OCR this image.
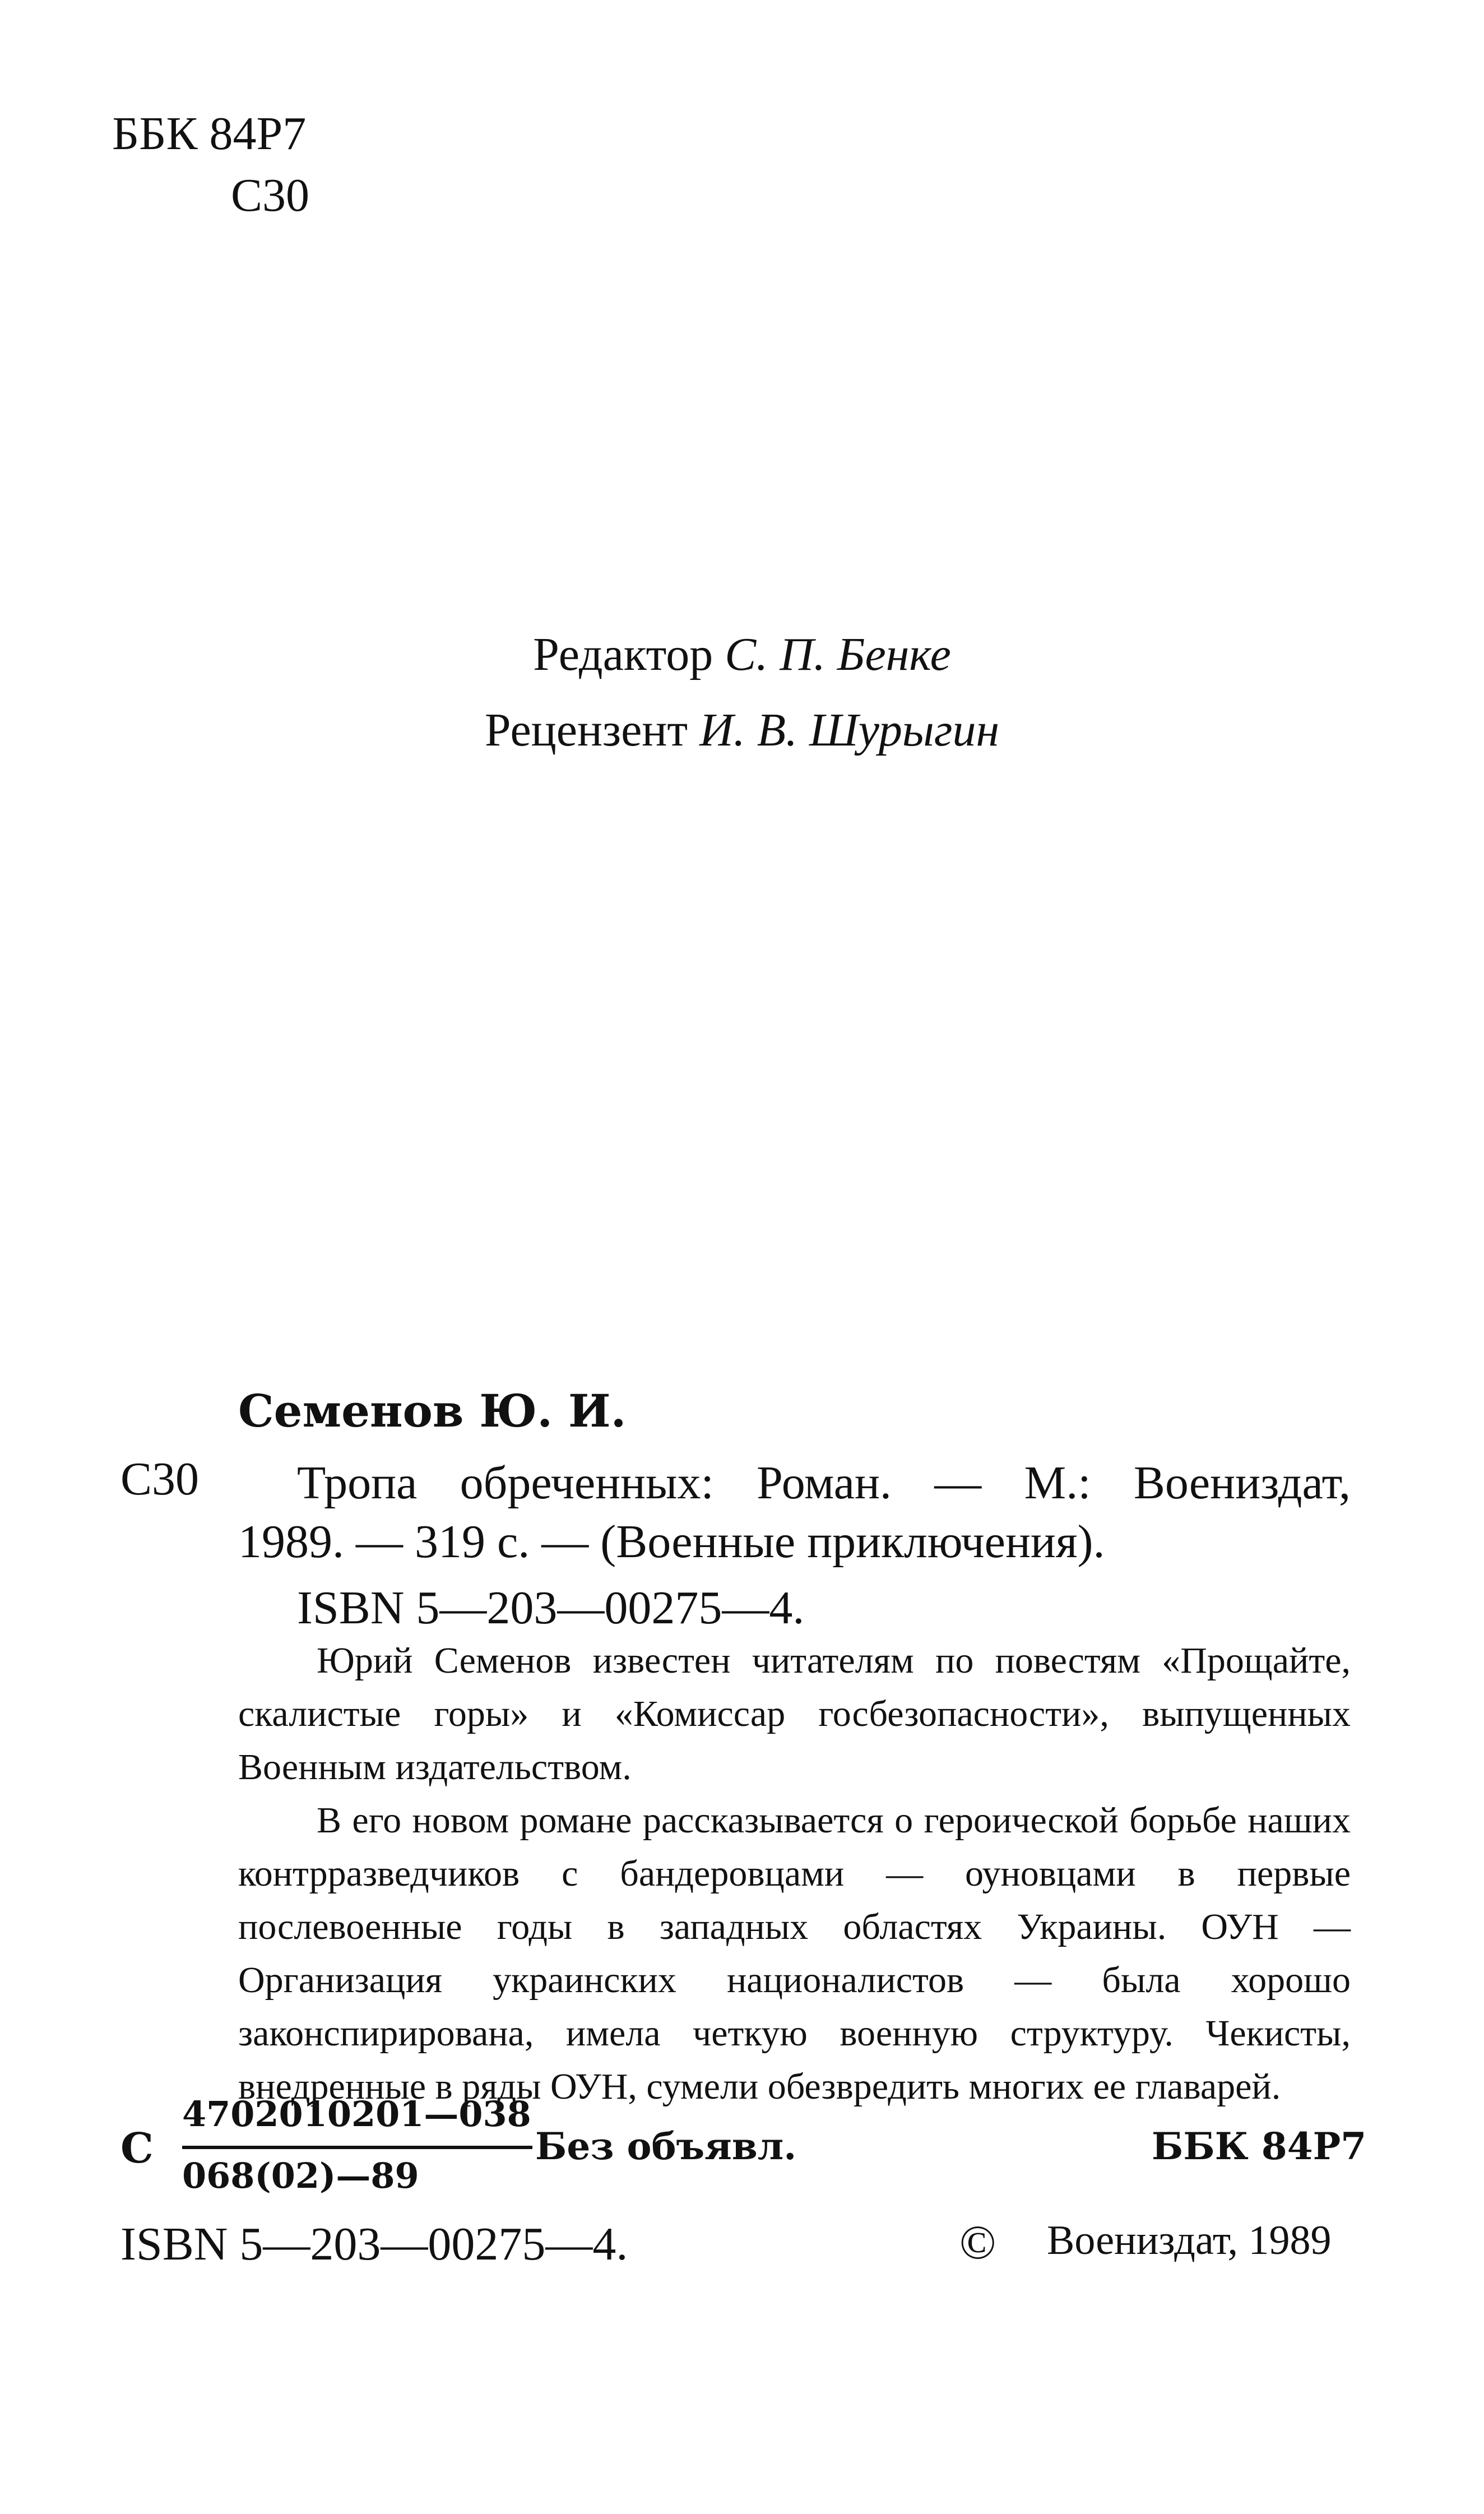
ББК 84Р7
С30
Редактор С. П. Бенке
Рецензент И. В. Шурыгин
Семенов Ю. И.
С30 Тропа обреченных: Роман. — М.: Воениздат,
1989. — 319 с. — (Военные приключения).
ISBN 5—203—00275—4.

Юрий Семенов известен читателям по повестям «Прощайте, скалистые горы» и «Комиссар госбезопасности», выпущенных Военным издательством.

В его новом романе рассказывается о героической борьбе наших контрразведчиков с бандеровцами — оуновцами в первые послевоенные годы в западных областях Украины. ОУН — Организация украинских националистов — была хорошо законспирирована, имела четкую военную структуру. Чекисты, внедренные в ряды ОУН, сумели обезвредить многих ее главарей.

С
4702010201—038
068(02)—89
Без объявл.	ББК 84Р7
ISBN 5—203—00275—4.	© Воениздат, 1989
